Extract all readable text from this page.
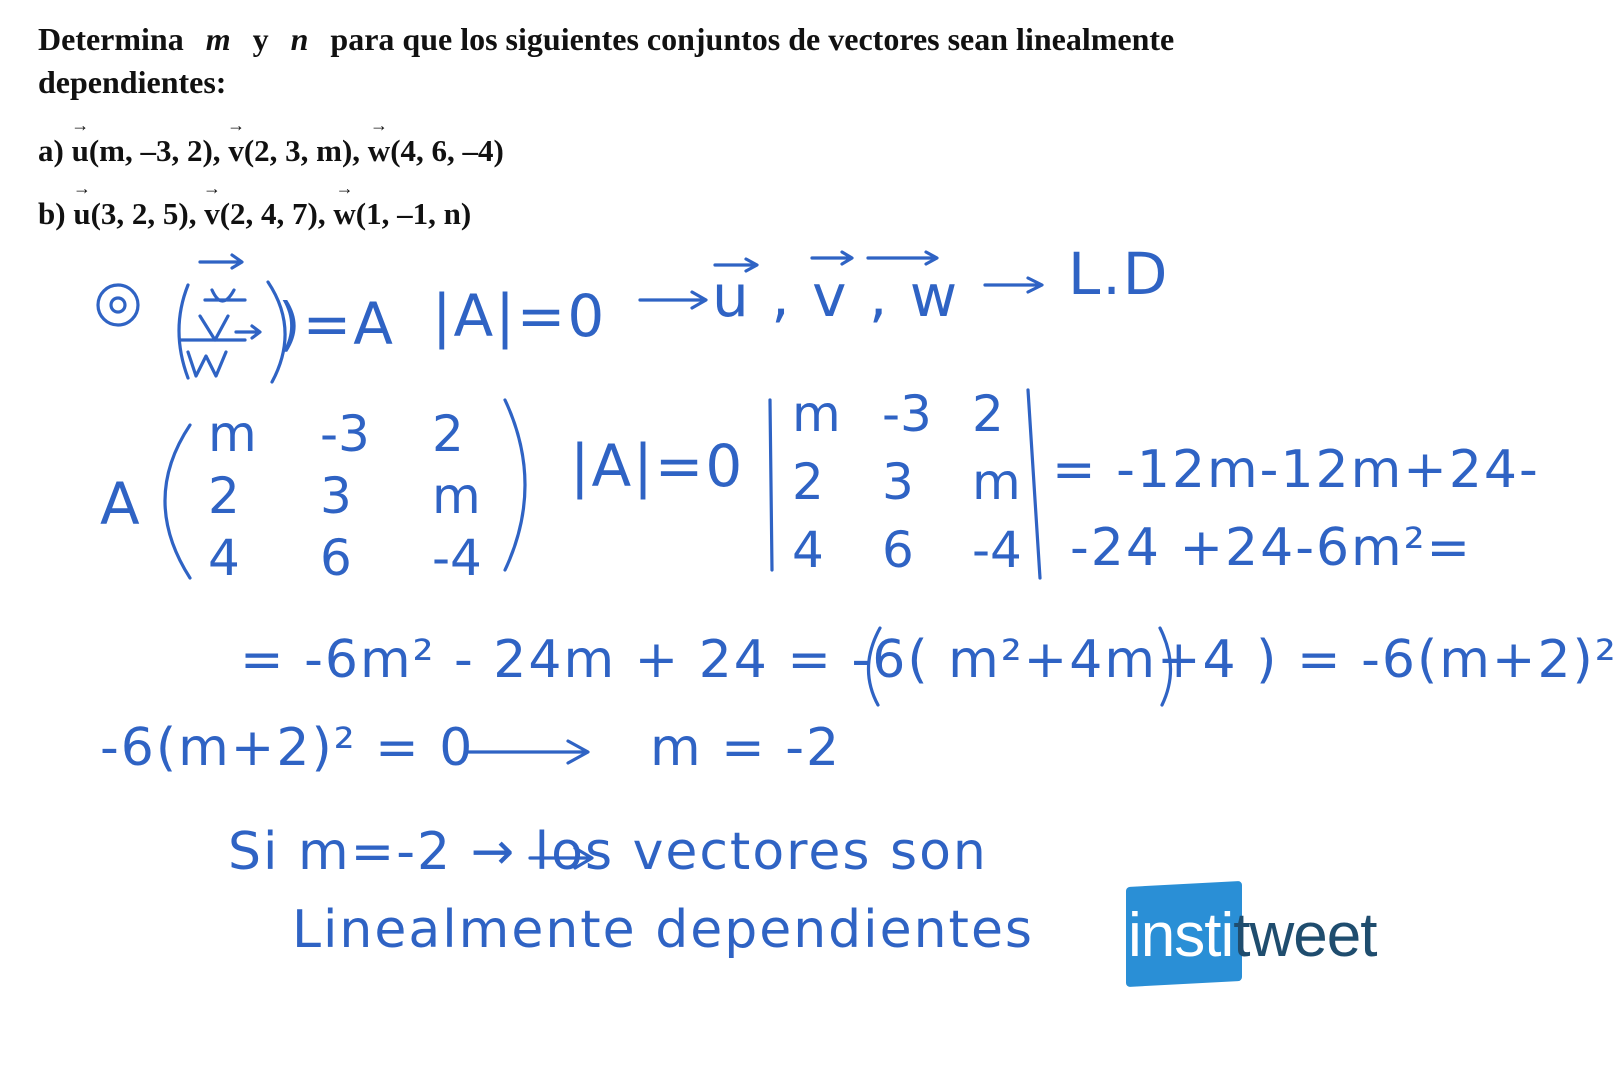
Determina m y n para que los siguientes conjuntos de vectores sean linealmente dependientes:

a) → u(m, –3, 2), → v(2, 3, m), → w(4, 6, –4)

b) → u(3, 2, 5), → v(2, 4, 7), → w(1, –1, n)

)=A |A|=0 u , v , w L.D
A
m -3 2
2 3 m
4 6 -4
|A|=0
m -3 2
2 3 m
4 6 -4
= -12m-12m+24-
-24 +24-6m²=
= -6m² - 24m + 24 = -6( m²+4m+4 ) = -6(m+2)²
-6(m+2)² = 0	m = -2
Si m=-2 → los vectores son
Linealmente dependientes institweet
